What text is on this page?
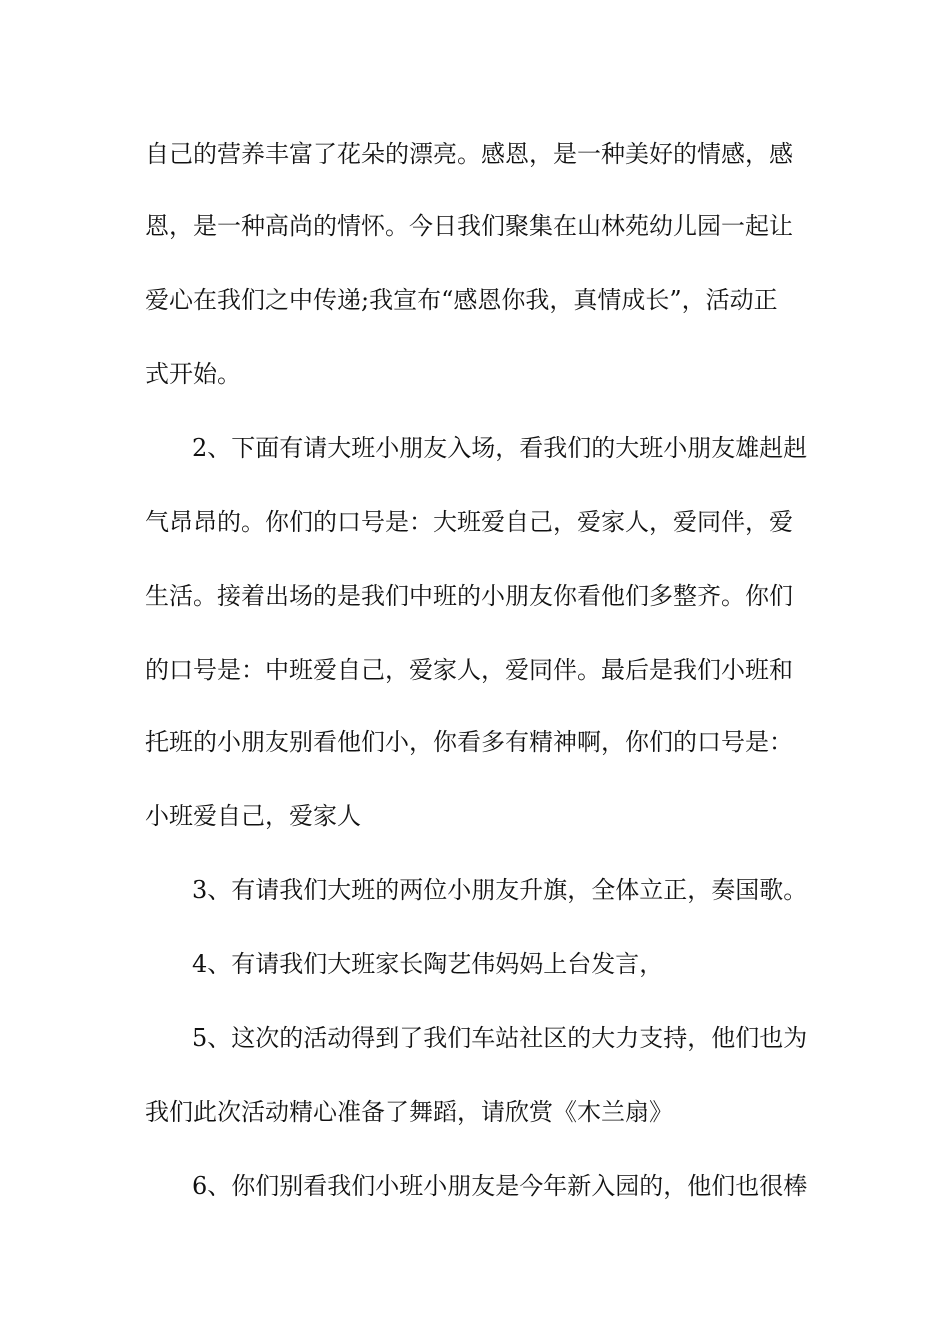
自己的营养丰富了花朵的漂亮。感恩，是一种美好的情感，感
恩，是一种高尚的情怀。今日我们聚集在山林苑幼儿园一起让
爱心在我们之中传递;我宣布“感恩你我，真情成长”，活动正
式开始。
2、下面有请大班小朋友入场，看我们的大班小朋友雄赳赳
气昂昂的。你们的口号是：大班爱自己，爱家人，爱同伴，爱
生活。接着出场的是我们中班的小朋友你看他们多整齐。你们
的口号是：中班爱自己，爱家人，爱同伴。最后是我们小班和
托班的小朋友别看他们小，你看多有精神啊，你们的口号是：
小班爱自己，爱家人
3、有请我们大班的两位小朋友升旗，全体立正，奏国歌。
4、有请我们大班家长陶艺伟妈妈上台发言，
5、这次的活动得到了我们车站社区的大力支持，他们也为
我们此次活动精心准备了舞蹈，请欣赏《木兰扇》
6、你们别看我们小班小朋友是今年新入园的，他们也很棒
